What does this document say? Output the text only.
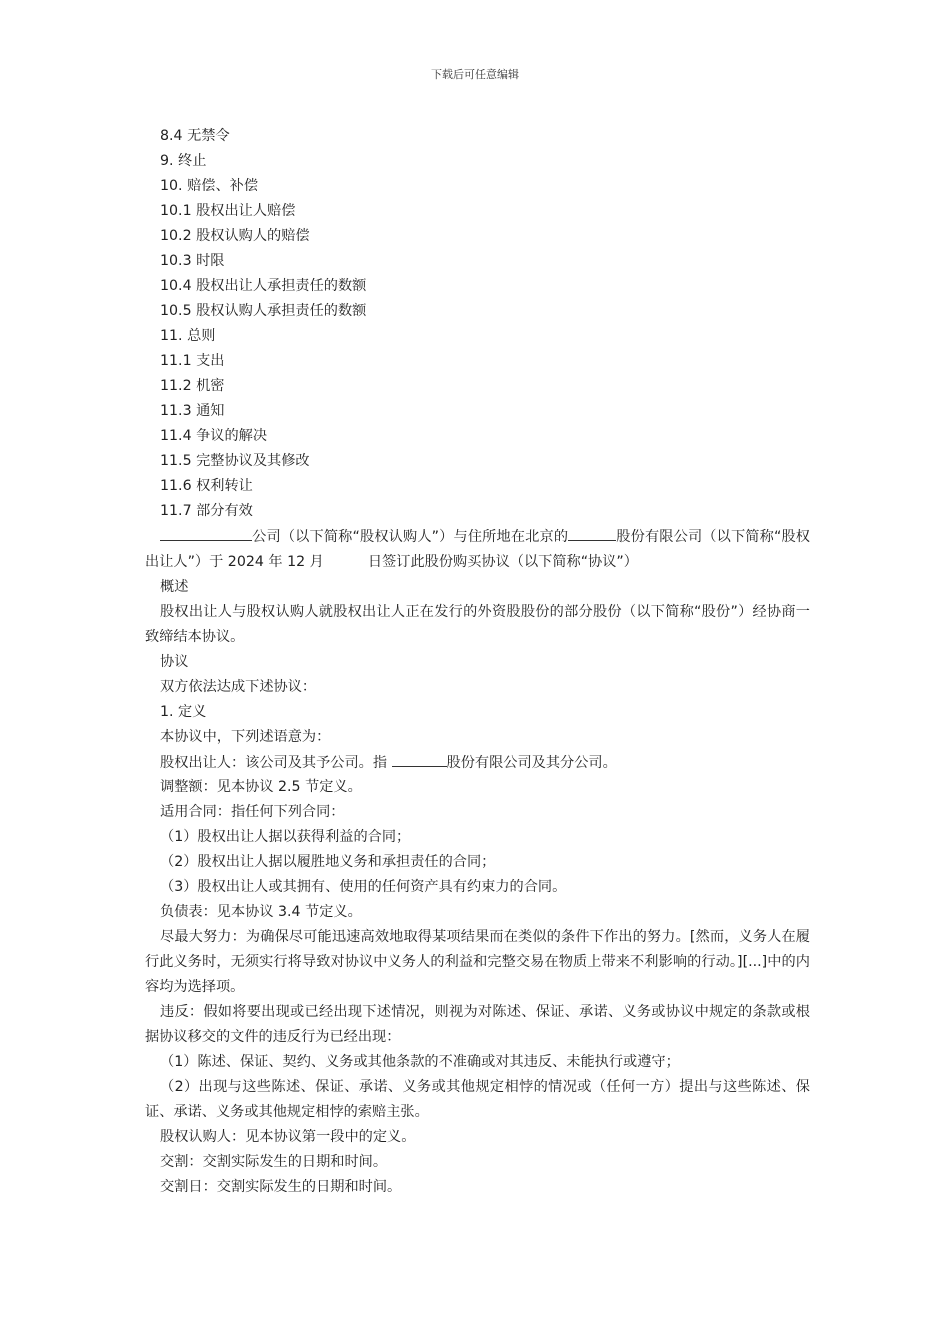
下载后可任意编辑
8.4 无禁令
9. 终止
10. 赔偿、补偿
10.1 股权出让人赔偿
10.2 股权认购人的赔偿
10.3 时限
10.4 股权出让人承担责任的数额
10.5 股权认购人承担责任的数额
11. 总则
11.1 支出
11.2 机密
11.3 通知
11.4 争议的解决
11.5 完整协议及其修改
11.6 权利转让
11.7 部分有效
公司（以下简称“股权认购人”）与住所地在北京的	股份有限公司（以下简称“股权出让人”）于 2024 年 12 月	日签订此股份购买协议（以下简称“协议”）
概述
股权出让人与股权认购人就股权出让人正在发行的外资股股份的部分股份（以下简称“股份”）经协商一致缔结本协议。
协议
双方依法达成下述协议：
1. 定义
本协议中，下列述语意为：
股权出让人：该公司及其予公司。指	股份有限公司及其分公司。
调整额：见本协议 2.5 节定义。
适用合同：指任何下列合同：
（1）股权出让人据以获得利益的合同；
（2）股权出让人据以履胜地义务和承担责任的合同；
（3）股权出让人或其拥有、使用的任何资产具有约束力的合同。
负债表：见本协议 3.4 节定义。
尽最大努力：为确保尽可能迅速高效地取得某项结果而在类似的条件下作出的努力。[然而，义务人在履行此义务时，无须实行将导致对协议中义务人的利益和完整交易在物质上带来不利影响的行动。][...]中的内容均为选择项。
违反：假如将要出现或已经出现下述情况，则视为对陈述、保证、承诺、义务或协议中规定的条款或根据协议移交的文件的违反行为已经出现：
（1）陈述、保证、契约、义务或其他条款的不准确或对其违反、未能执行或遵守；
（2）出现与这些陈述、保证、承诺、义务或其他规定相悖的情况或（任何一方）提出与这些陈述、保证、承诺、义务或其他规定相悖的索赔主张。
股权认购人：见本协议第一段中的定义。
交割：交割实际发生的日期和时间。
交割日：交割实际发生的日期和时间。
